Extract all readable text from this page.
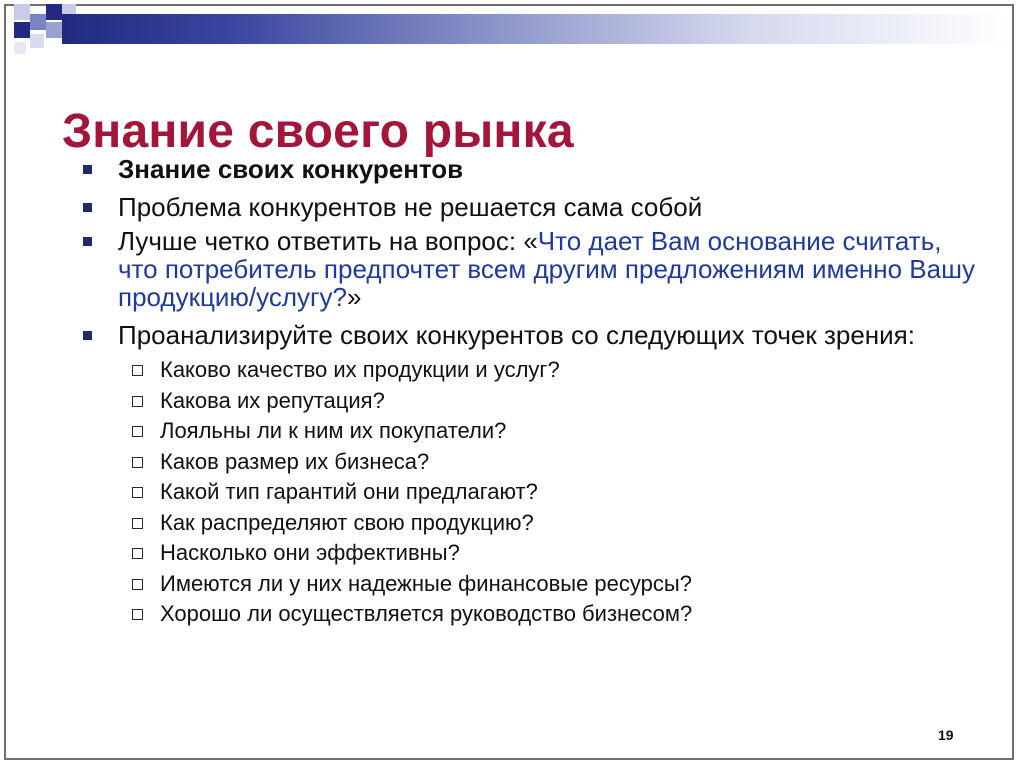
Знание своего рынка
Знание своих конкурентов
Проблема конкурентов не решается сама собой
Лучше четко ответить на вопрос: «Что дает Вам основание считать, что потребитель предпочтет всем другим предложениям именно Вашу продукцию/услугу?»
Проанализируйте своих конкурентов со следующих точек зрения:
Каково качество их продукции и услуг?
Какова их репутация?
Лояльны ли к ним их покупатели?
Каков размер их бизнеса?
Какой тип гарантий они предлагают?
Как распределяют свою продукцию?
Насколько они эффективны?
Имеются ли у них надежные финансовые ресурсы?
Хорошо ли осуществляется руководство бизнесом?
19
